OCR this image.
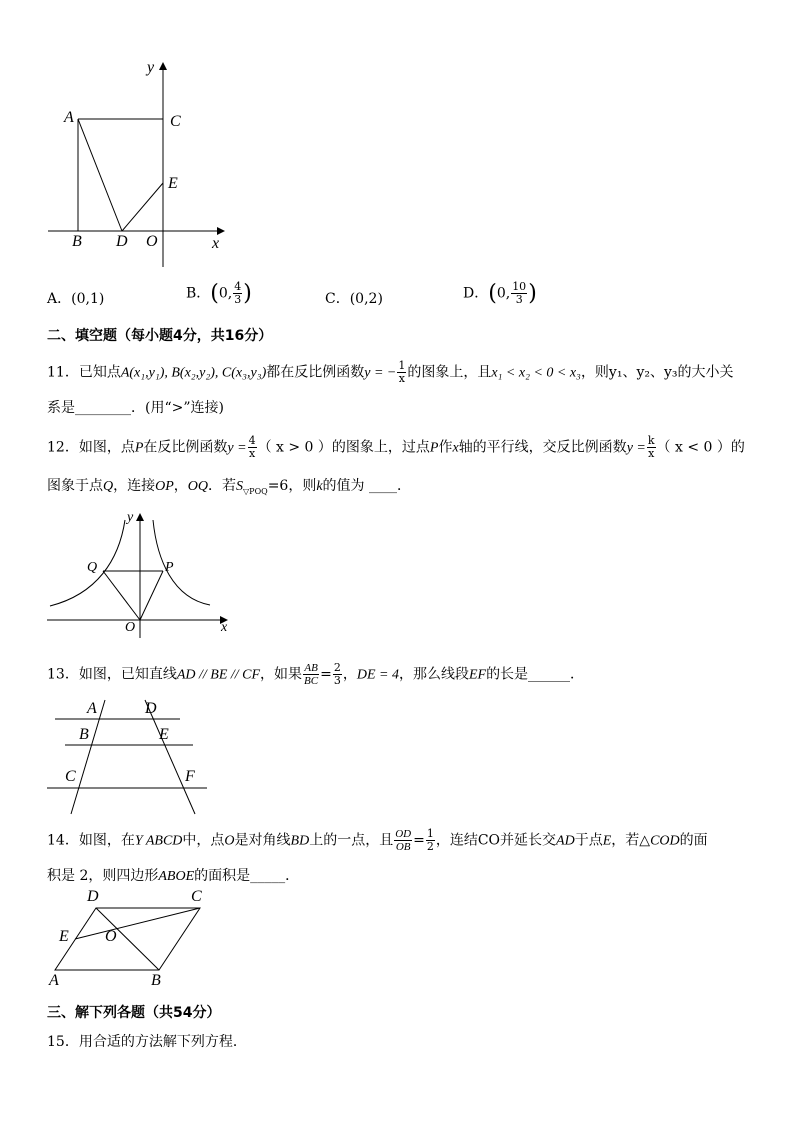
y
x
A	C
E
B D O
A．(0,1)	B．(0, $\frac{4}{3}$ )	C．(0,2)	D．(0, $\frac{10}{3}$ )
二、填空题（每小题4分，共16分）
11．已知点A(x₁,y₁), B(x₂,y₂), C(x₃,y₃)都在反比例函数y = − $\frac{1}{x}$ 的图象上，且x₁ < x₂ < 0 < x₃，则y₁、y₂、y₃的大小关
系是________．(用“>”连接)
12．如图，点P在反比例函数$y = \frac{4}{x}$ （ x > 0 ）的图象上，过点P作x轴的平行线，交反比例函数$y = \frac{k}{x}$ （ x < 0 ）的
图象于点Q，连接OP，OQ．若$S_{▽POQ}=6$，则k的值为 ____．
y
x
Q	P
O
13．如图，已知直线AD // BE // CF，如果 $\frac{AB}{BC} = \frac{2}{3}$ ，DE = 4，那么线段EF的长是______．
A	D
B	E
C	F
14．如图，在Y ABCD中，点O是对角线BD上的一点，且 $\frac{OD}{OB} = \frac{1}{2}$ ，连结CO并延长交AD于点E，若△COD的面
积是 2，则四边形ABOE的面积是_____．
D	C
E O
A	B
三、解下列各题（共54分）
15．用合适的方法解下列方程．
